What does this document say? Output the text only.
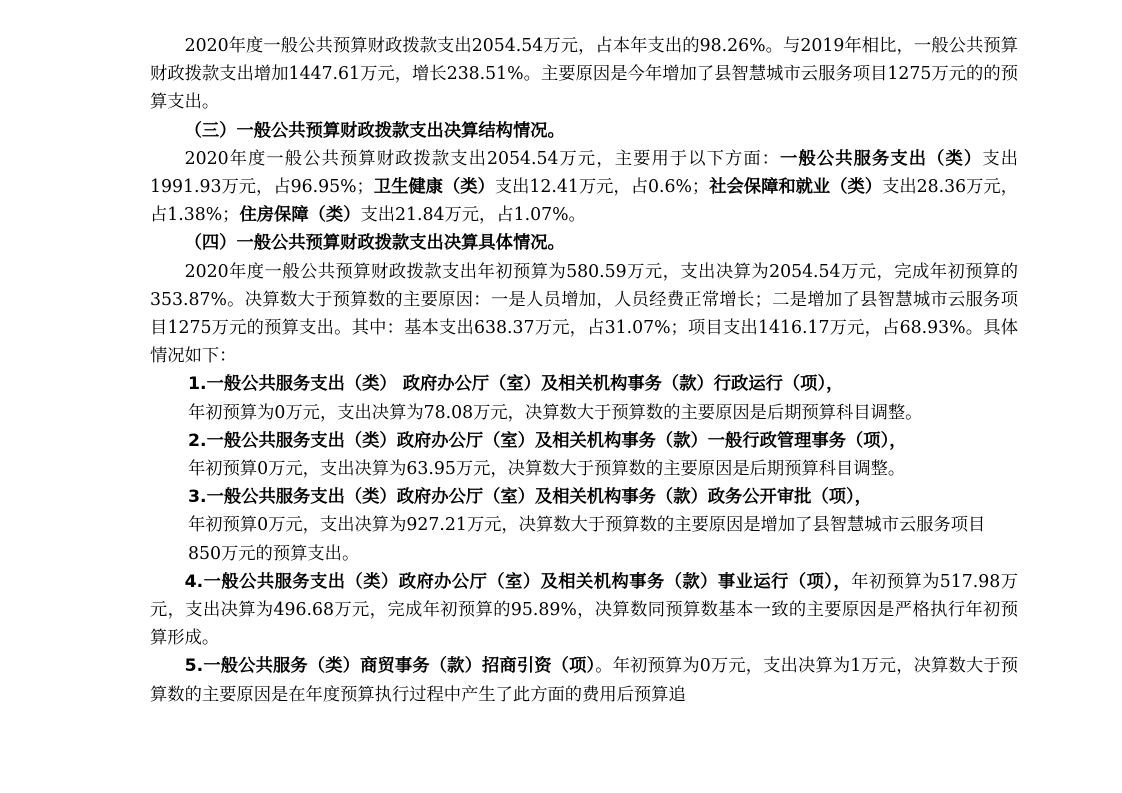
2020年度一般公共预算财政拨款支出2054.54万元，占本年支出的98.26%。与2019年相比，一般公共预算财政拨款支出增加1447.61万元，增长238.51%。主要原因是今年增加了县智慧城市云服务项目1275万元的的预算支出。

（三）一般公共预算财政拨款支出决算结构情况。

2020年度一般公共预算财政拨款支出2054.54万元，主要用于以下方面：一般公共服务支出（类）支出1991.93万元，占96.95%；卫生健康（类）支出12.41万元，占0.6%；社会保障和就业（类）支出28.36万元，占1.38%；住房保障（类）支出21.84万元，占1.07%。

（四）一般公共预算财政拨款支出决算具体情况。

2020年度一般公共预算财政拨款支出年初预算为580.59万元，支出决算为2054.54万元，完成年初预算的353.87%。决算数大于预算数的主要原因：一是人员增加，人员经费正常增长；二是增加了县智慧城市云服务项目1275万元的预算支出。其中：基本支出638.37万元，占31.07%；项目支出1416.17万元，占68.93%。具体情况如下：

1.一般公共服务支出（类） 政府办公厅（室）及相关机构事务（款）行政运行（项），
年初预算为0万元，支出决算为78.08万元，决算数大于预算数的主要原因是后期预算科目调整。

2.一般公共服务支出（类）政府办公厅（室）及相关机构事务（款）一般行政管理事务（项），
年初预算0万元，支出决算为63.95万元，决算数大于预算数的主要原因是后期预算科目调整。

3.一般公共服务支出（类）政府办公厅（室）及相关机构事务（款）政务公开审批（项），
年初预算0万元，支出决算为927.21万元，决算数大于预算数的主要原因是增加了县智慧城市云服务项目850万元的预算支出。

4.一般公共服务支出（类）政府办公厅（室）及相关机构事务（款）事业运行（项），年初预算为517.98万元，支出决算为496.68万元，完成年初预算的95.89%，决算数同预算数基本一致的主要原因是严格执行年初预算形成。

5.一般公共服务（类）商贸事务（款）招商引资（项）。年初预算为0万元，支出决算为1万元，决算数大于预算数的主要原因是在年度预算执行过程中产生了此方面的费用后预算追
